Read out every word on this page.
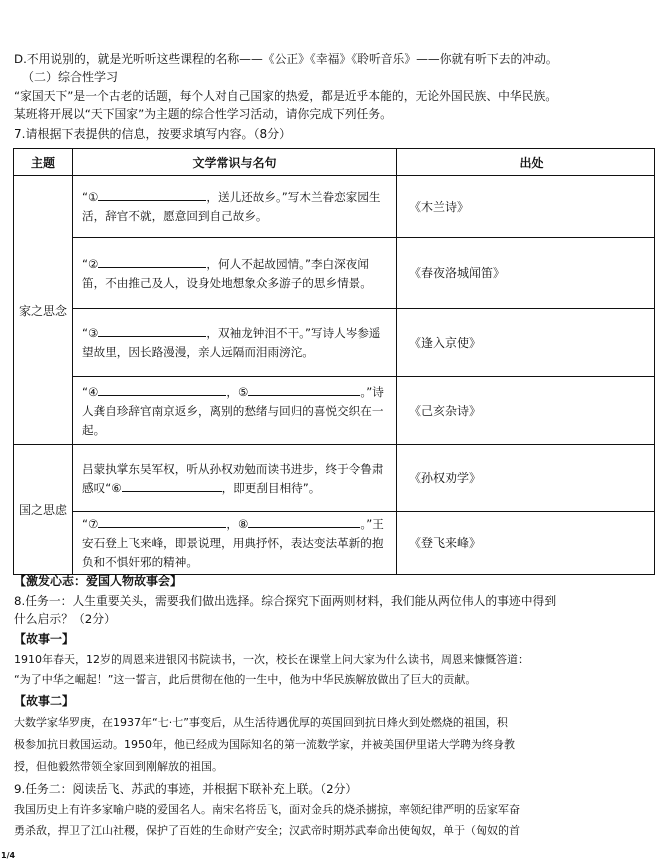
D.不用说别的，就是光听听这些课程的名称——《公正》《幸福》《聆听音乐》——你就有听下去的冲动。
（二）综合性学习
“家国天下”是一个古老的话题，每个人对自己国家的热爱，都是近乎本能的，无论外国民族、中华民族。
某班将开展以“天下国家”为主题的综合性学习活动，请你完成下列任务。
7.请根据下表提供的信息，按要求填写内容。（8分）
主题	文学常识与名句	出处
家之思念	“① ，送儿还故乡。”写木兰眷恋家园生活，辞官不就，愿意回到自己故乡。	《木兰诗》

	“② ，何人不起故园情。”李白深夜闻笛，不由推己及人，设身处地想象众多游子的思乡情景。	《春夜洛城闻笛》

	“③ ，双袖龙钟泪不干。”写诗人岑参遥望故里，因长路漫漫，亲人远隔而泪雨滂沱。	《逢入京使》

	“④ ，⑤ 。”诗人龚自珍辞官南京返乡，离别的愁绪与回归的喜悦交织在一起。	《己亥杂诗》
国之思虑	吕蒙执掌东吴军权，听从孙权劝勉而读书进步，终于令鲁肃感叹“⑥ ，即更刮目相待”。	《孙权劝学》

	“⑦ ，⑧ 。”王安石登上飞来峰，即景说理，用典抒怀，表达变法革新的抱负和不惧奸邪的精神。	《登飞来峰》
【激发心志：爱国人物故事会】
8.任务一：人生重要关头，需要我们做出选择。综合探究下面两则材料，我们能从两位伟人的事迹中得到
什么启示？（2分）
【故事一】
1910年春天，12岁的周恩来进银冈书院读书，一次，校长在课堂上问大家为什么读书，周恩来慷慨答道：
“为了中华之崛起！”这一誓言，此后贯彻在他的一生中，他为中华民族解放做出了巨大的贡献。
【故事二】
大数学家华罗庚，在1937年“七·七”事变后，从生活待遇优厚的英国回到抗日烽火到处燃烧的祖国，积
极参加抗日救国运动。1950年，他已经成为国际知名的第一流数学家，并被美国伊里诺大学聘为终身教
授，但他毅然带领全家回到刚解放的祖国。
9.任务二：阅读岳飞、苏武的事迹，并根据下联补充上联。（2分）
我国历史上有许多家喻户晓的爱国名人。南宋名将岳飞，面对金兵的烧杀掳掠，率领纪律严明的岳家军奋
勇杀敌，捍卫了江山社稷，保护了百姓的生命财产安全；汉武帝时期苏武奉命出使匈奴，单于（匈奴的首
1/4
